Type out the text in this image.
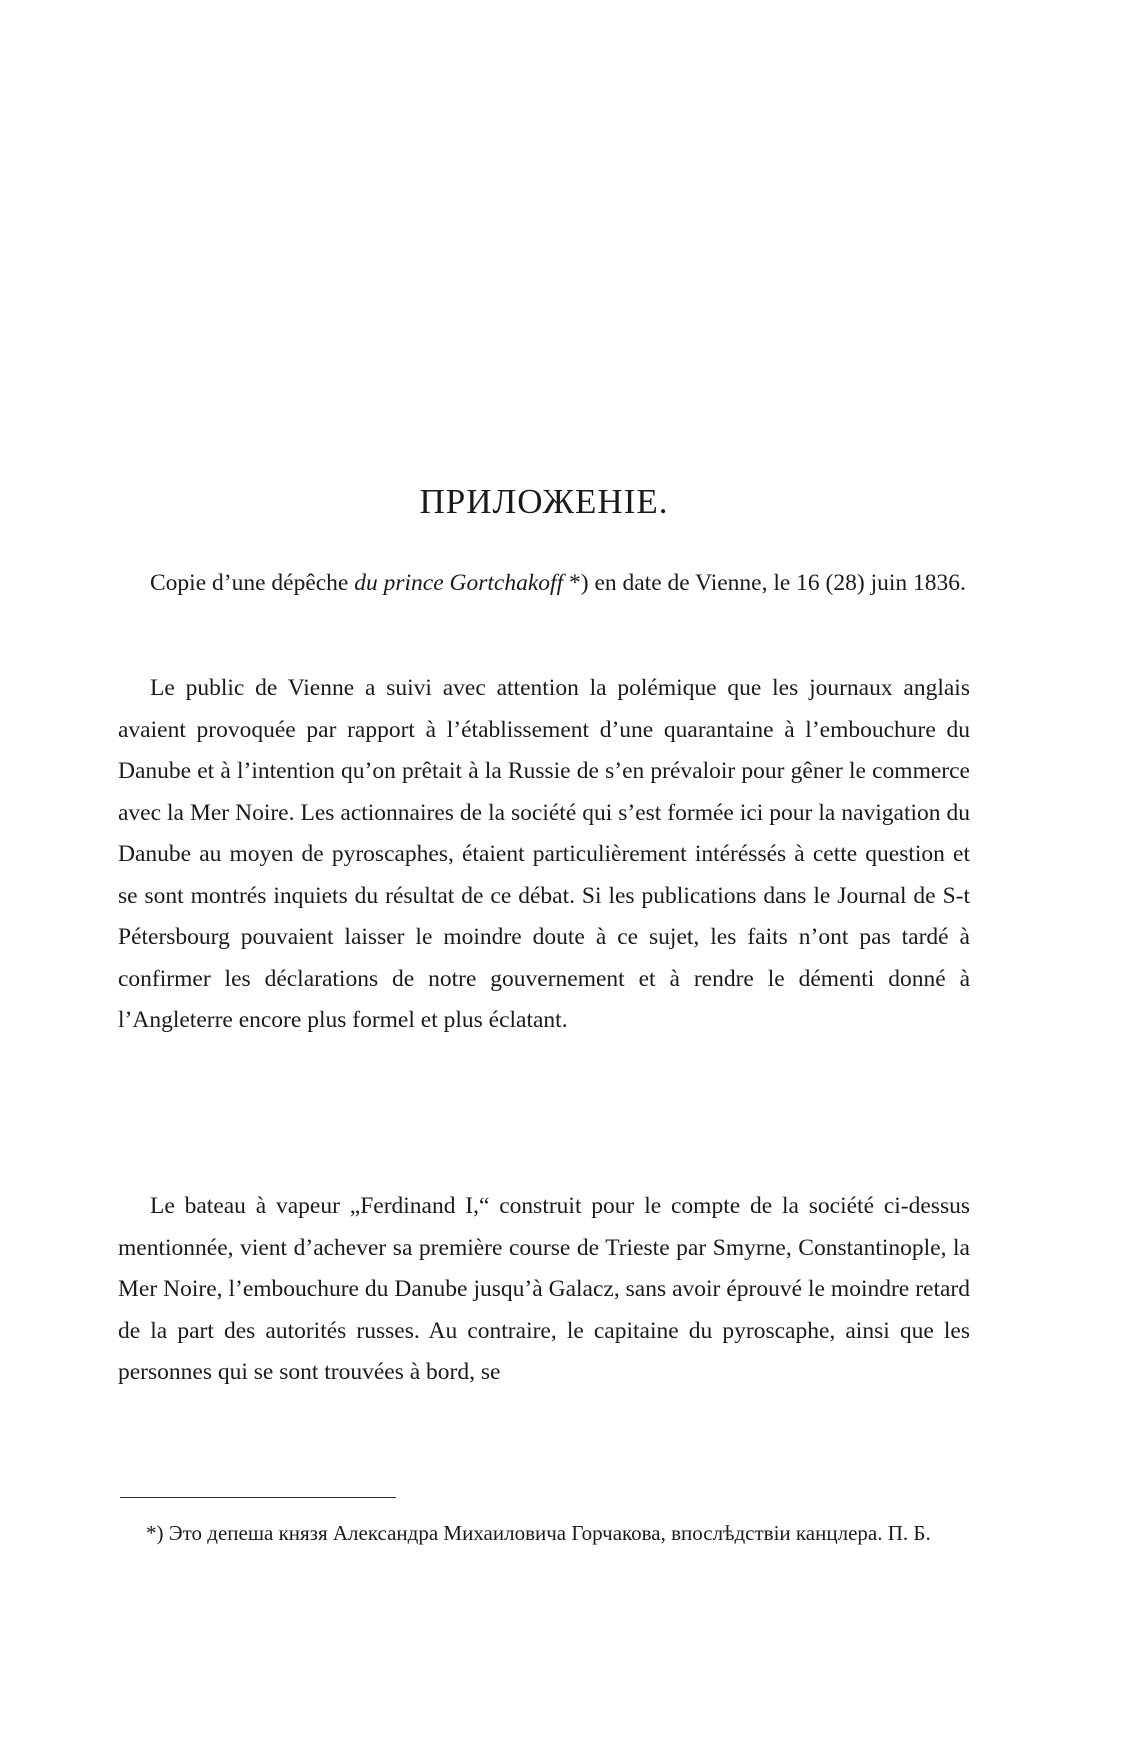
ПРИЛОЖЕНІЕ.

Copie d’une dépêche du prince Gortchakoff *) en date de Vienne, le 16 (28) juin 1836.

Le public de Vienne a suivi avec attention la polémique que les journaux anglais avaient provoquée par rapport à l’établissement d’une quarantaine à l’embouchure du Danube et à l’intention qu’on prêtait à la Russie de s’en prévaloir pour gêner le commerce avec la Mer Noire. Les actionnaires de la société qui s’est formée ici pour la navigation du Danube au moyen de pyroscaphes, étaient particulièrement intéréssés à cette question et se sont montrés inquiets du résultat de ce débat. Si les publications dans le Journal de S-t Pétersbourg pouvaient laisser le moindre doute à ce sujet, les faits n’ont pas tardé à confirmer les déclarations de notre gouvernement et à rendre le démenti donné à l’Angleterre encore plus formel et plus éclatant.

Le bateau à vapeur „Ferdinand I,“ construit pour le compte de la société ci-dessus mentionnée, vient d’achever sa première course de Trieste par Smyrne, Constantinople, la Mer Noire, l’embouchure du Danube jusqu’à Galacz, sans avoir éprouvé le moindre retard de la part des autorités russes. Au contraire, le capitaine du pyroscaphe, ainsi que les personnes qui se sont trouvées à bord, se

*) Это депеша князя Александра Михаиловича Горчакова, впослѣдствіи канцлера. П. Б.
